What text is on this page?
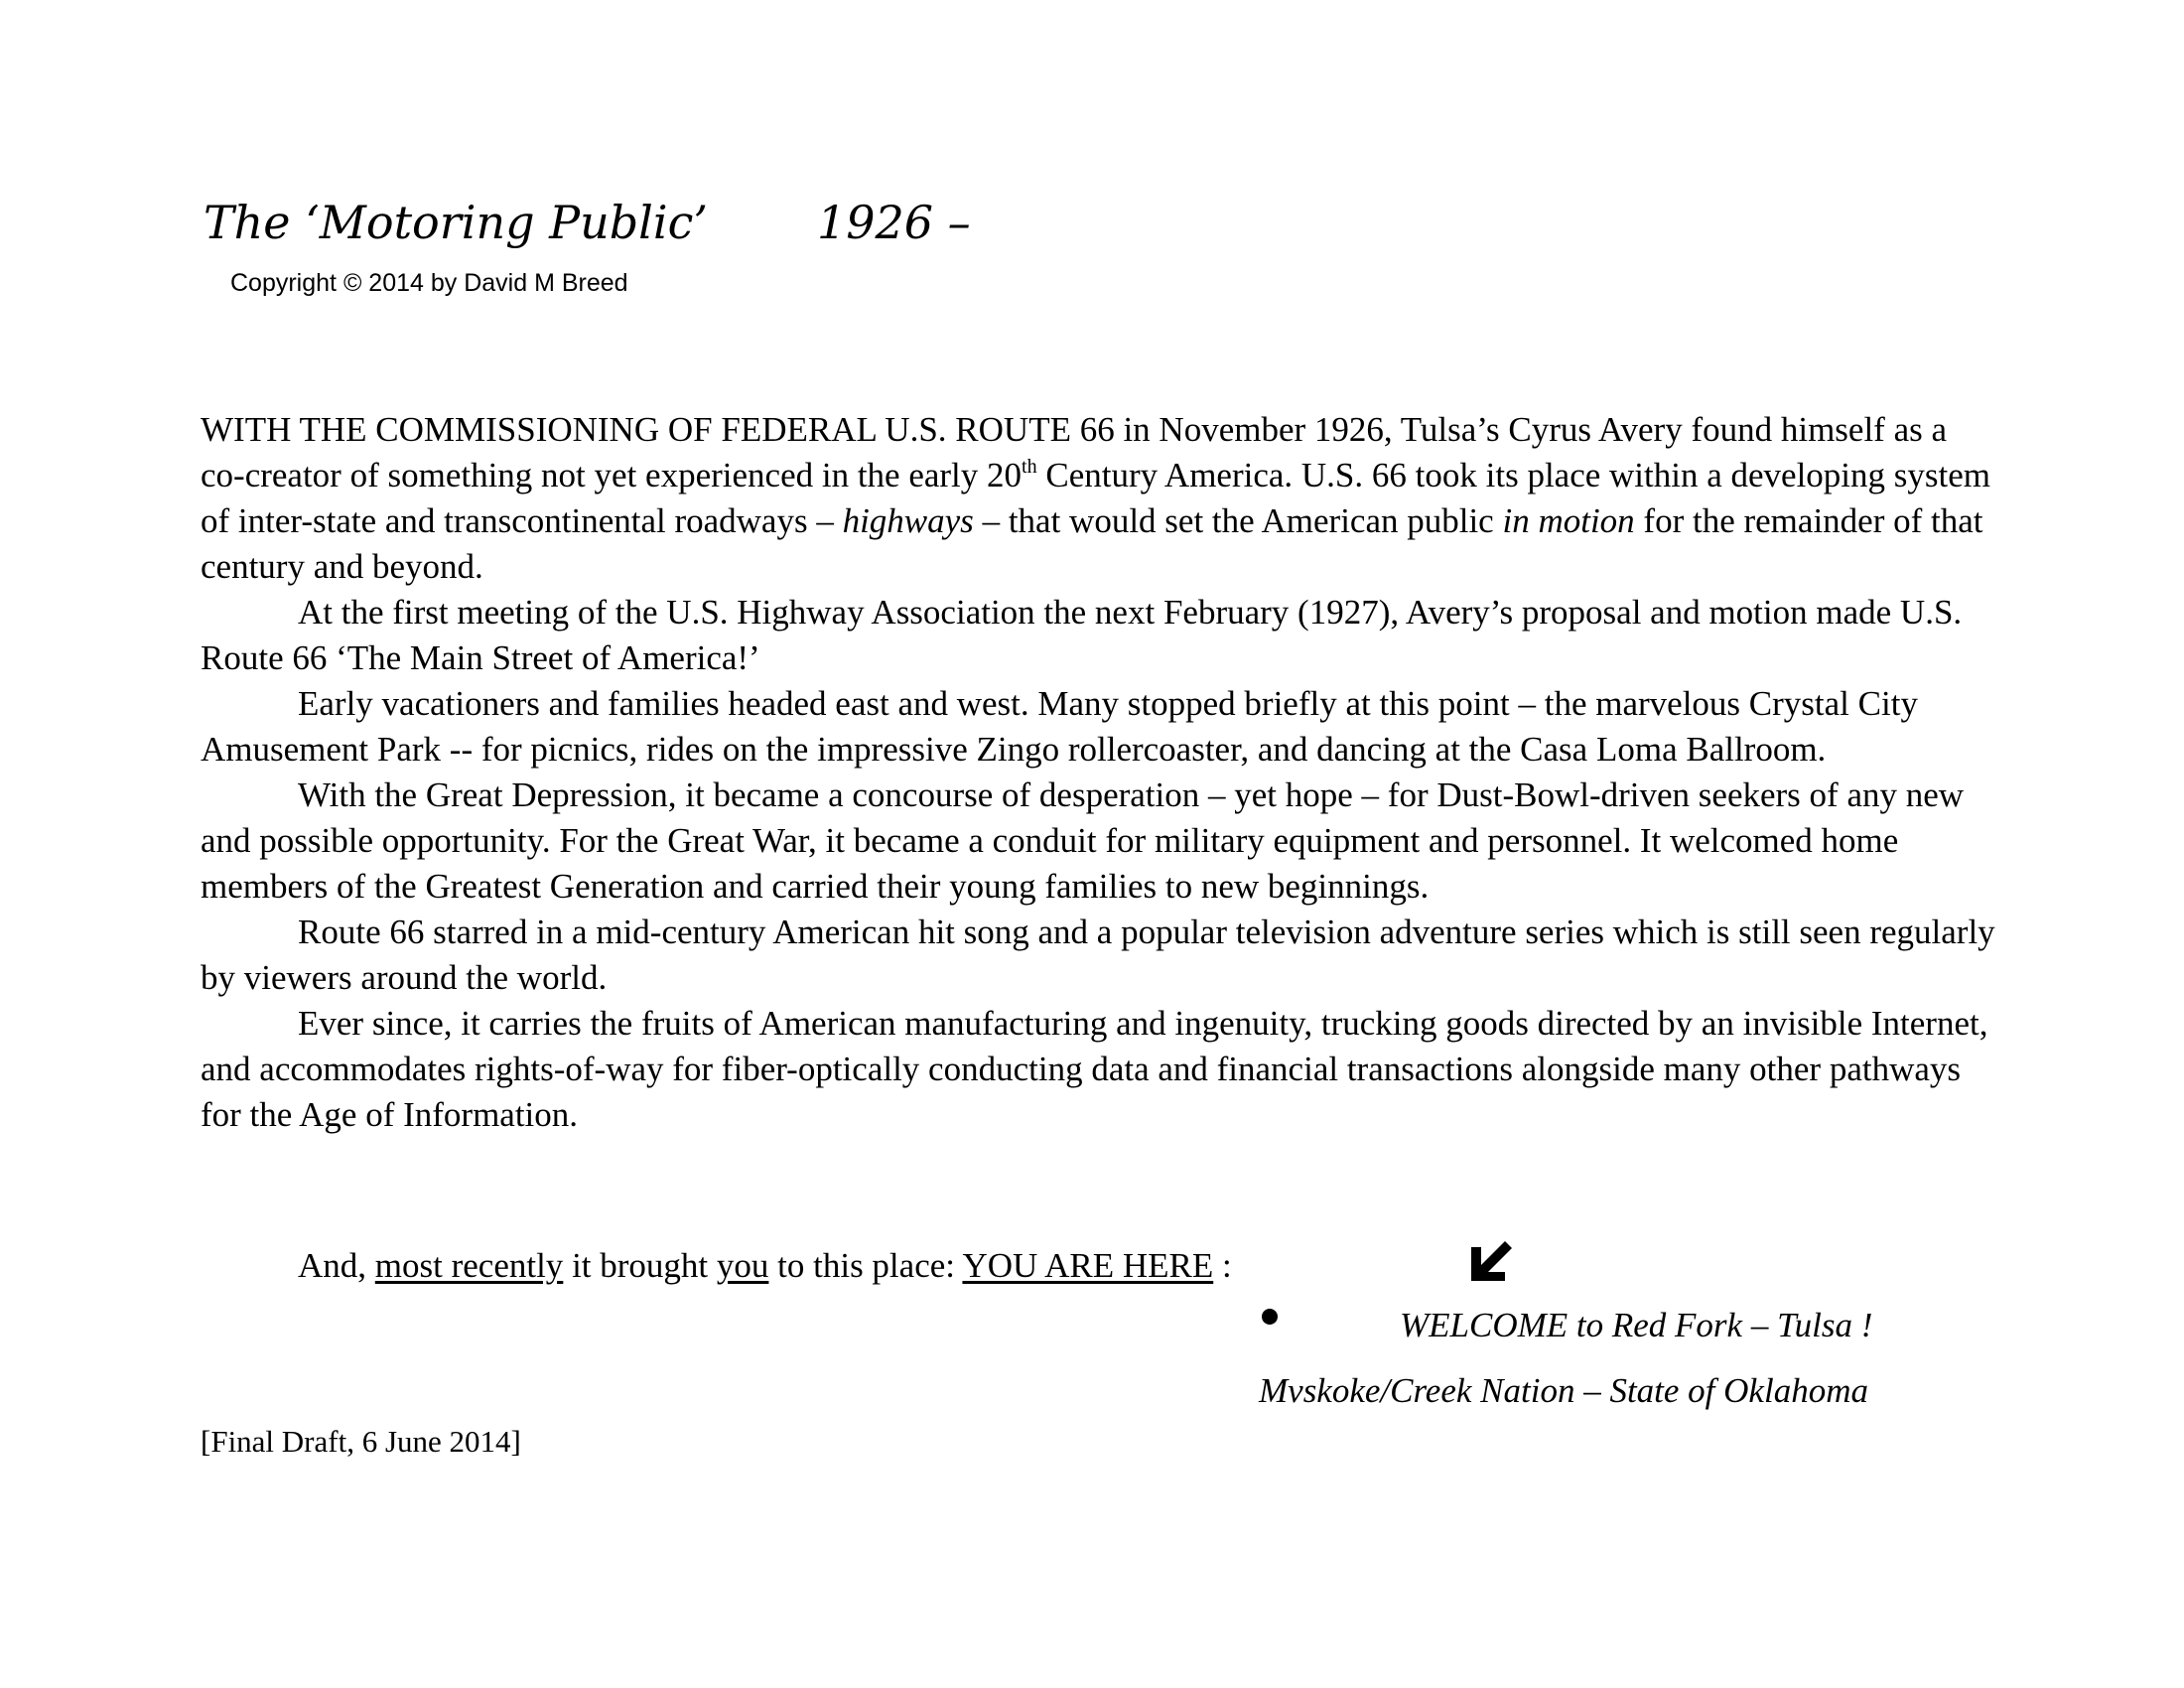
The ‘Motoring Public’ 1926 –
Copyright © 2014 by David M Breed

WITH THE COMMISSIONING OF FEDERAL U.S. ROUTE 66 in November 1926, Tulsa’s Cyrus Avery found himself as a co-creator of something not yet experienced in the early 20th Century America. U.S. 66 took its place within a developing system of inter-state and transcontinental roadways – highways – that would set the American public in motion for the remainder of that century and beyond.

At the first meeting of the U.S. Highway Association the next February (1927), Avery’s proposal and motion made U.S. Route 66 ‘The Main Street of America!’

Early vacationers and families headed east and west. Many stopped briefly at this point – the marvelous Crystal City Amusement Park -- for picnics, rides on the impressive Zingo rollercoaster, and dancing at the Casa Loma Ballroom.

With the Great Depression, it became a concourse of desperation – yet hope – for Dust-Bowl-driven seekers of any new and possible opportunity. For the Great War, it became a conduit for military equipment and personnel. It welcomed home members of the Greatest Generation and carried their young families to new beginnings.

Route 66 starred in a mid-century American hit song and a popular television adventure series which is still seen regularly by viewers around the world.

Ever since, it carries the fruits of American manufacturing and ingenuity, trucking goods directed by an invisible Internet, and accommodates rights-of-way for fiber-optically conducting data and financial transactions alongside many other pathways for the Age of Information.

And, most recently it brought you to this place: YOU ARE HERE :
WELCOME to Red Fork – Tulsa !
Mvskoke/Creek Nation – State of Oklahoma
[Final Draft, 6 June 2014]
